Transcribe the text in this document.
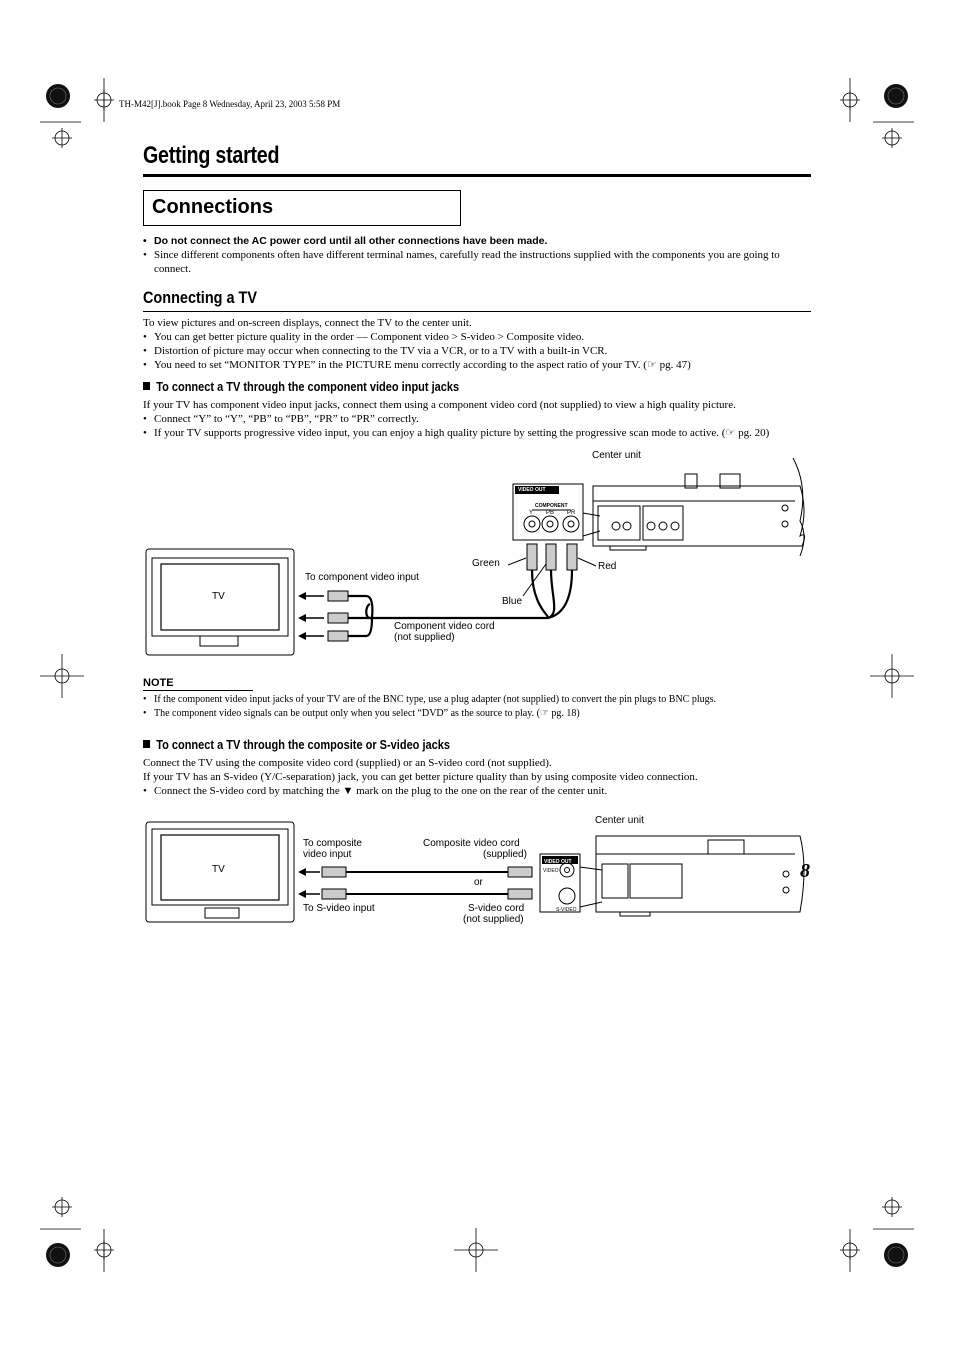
TH-M42[J].book Page 8 Wednesday, April 23, 2003 5:58 PM
Getting started
Connections
• Do not connect the AC power cord until all other connections have been made.
• Since different components often have different terminal names, carefully read the instructions supplied with the components you are going to connect.
Connecting a TV
To view pictures and on-screen displays, connect the TV to the center unit.
• You can get better picture quality in the order — Component video > S-video > Composite video.
• Distortion of picture may occur when connecting to the TV via a VCR, or to a TV with a built-in VCR.
• You need to set “MONITOR TYPE” in the PICTURE menu correctly according to the aspect ratio of your TV. (☞ pg. 47)
To connect a TV through the component video input jacks
If your TV has component video input jacks, connect them using a component video cord (not supplied) to view a high quality picture.
• Connect “Y” to “Y”, “PB” to “PB”, “PR” to “PR” correctly.
• If your TV supports progressive video input, you can enjoy a high quality picture by setting the progressive scan mode to active. (☞ pg. 20)
Center unit
TV
To component video input
Green	Red
Blue
Component video cord
(not supplied)
VIDEO OUT
COMPONENT
Y PB PR
NOTE
• If the component video input jacks of your TV are of the BNC type, use a plug adapter (not supplied) to convert the pin plugs to BNC plugs.
• The component video signals can be output only when you select “DVD” as the source to play. (☞ pg. 18)
To connect a TV through the composite or S-video jacks
Connect the TV using the composite video cord (supplied) or an S-video cord (not supplied).
If your TV has an S-video (Y/C-separation) jack, you can get better picture quality than by using composite video connection.
• Connect the S-video cord by matching the ▼ mark on the plug to the one on the rear of the center unit.
Center unit
TV
To composite
video input
Composite video cord
(supplied)
or
To S-video input	S-video cord
(not supplied)
VIDEO OUT
VIDEO
S-VIDEO
8
